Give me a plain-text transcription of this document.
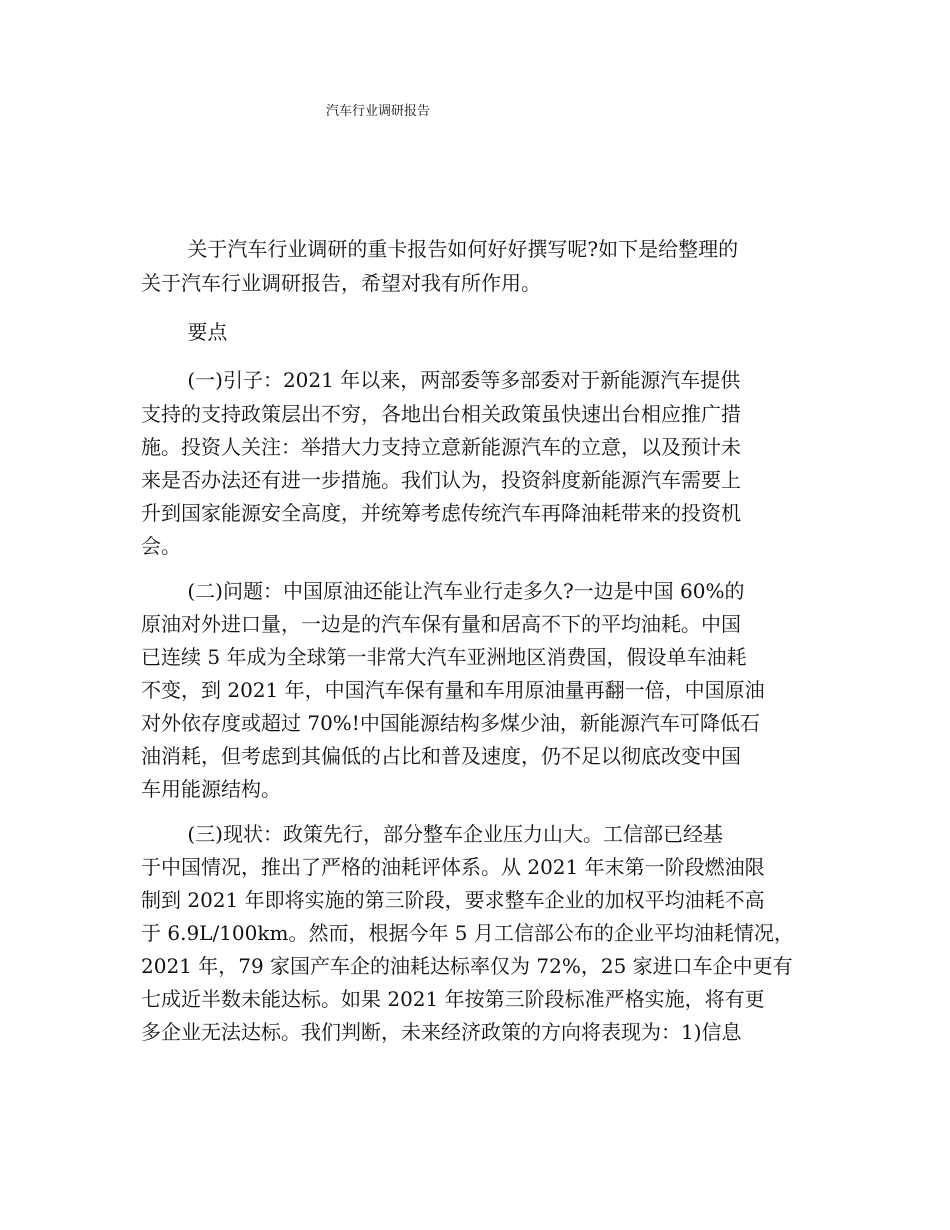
汽车行业调研报告
　　 关于汽车行业调研的重卡报告如何好好撰写呢?如下是给整理的
关于汽车行业调研报告，希望对我有所作用。
　　 要点
　　 (一)引子：2021 年以来，两部委等多部委对于新能源汽车提供
支持的支持政策层出不穷，各地出台相关政策虽快速出台相应推广措
施。投资人关注：举措大力支持立意新能源汽车的立意，以及预计未
来是否办法还有进一步措施。我们认为，投资斜度新能源汽车需要上
升到国家能源安全高度，并统筹考虑传统汽车再降油耗带来的投资机
会。
　　 (二)问题：中国原油还能让汽车业行走多久?一边是中国 60%的
原油对外进口量，一边是的汽车保有量和居高不下的平均油耗。中国
已连续 5 年成为全球第一非常大汽车亚洲地区消费国，假设单车油耗
不变，到 2021 年，中国汽车保有量和车用原油量再翻一倍，中国原油
对外依存度或超过 70%!中国能源结构多煤少油，新能源汽车可降低石
油消耗，但考虑到其偏低的占比和普及速度，仍不足以彻底改变中国
车用能源结构。
　　 (三)现状：政策先行，部分整车企业压力山大。工信部已经基
于中国情况，推出了严格的油耗评体系。从 2021 年末第一阶段燃油限
制到 2021 年即将实施的第三阶段，要求整车企业的加权平均油耗不高
于 6.9L/100km。然而，根据今年 5 月工信部公布的企业平均油耗情况，
2021 年，79 家国产车企的油耗达标率仅为 72%，25 家进口车企中更有
七成近半数未能达标。如果 2021 年按第三阶段标准严格实施，将有更
多企业无法达标。我们判断，未来经济政策的方向将表现为：1)信息
